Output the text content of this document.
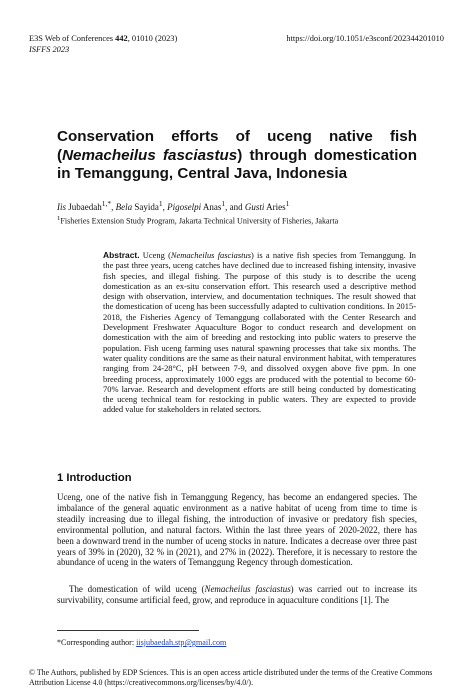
E3S Web of Conferences 442, 01010 (2023)
ISFFS 2023
https://doi.org/10.1051/e3sconf/202344201010
Conservation efforts of uceng native fish (Nemacheilus fasciastus) through domestication in Temanggung, Central Java, Indonesia
Iis Jubaedah$^{1,*}$, Bela Sayida$^1$, Pigoselpi Anas$^1$, and Gusti Aries$^1$
$^1$Fisheries Extension Study Program, Jakarta Technical University of Fisheries, Jakarta
Abstract. Uceng (Nemacheilus fasciastus) is a native fish species from Temanggung. In the past three years, uceng catches have declined due to increased fishing intensity, invasive fish species, and illegal fishing. The purpose of this study is to describe the uceng domestication as an ex-situ conservation effort. This research used a descriptive method design with observation, interview, and documentation techniques. The result showed that the domestication of uceng has been successfully adapted to cultivation conditions. In 2015-2018, the Fisheries Agency of Temanggung collaborated with the Center Research and Development Freshwater Aquaculture Bogor to conduct research and development on domestication with the aim of breeding and restocking into public waters to preserve the population. Fish uceng farming uses natural spawning processes that take six months. The water quality conditions are the same as their natural environment habitat, with temperatures ranging from 24-28°C, pH between 7-9, and dissolved oxygen above five ppm. In one breeding process, approximately 1000 eggs are produced with the potential to become 60-70% larvae. Research and development efforts are still being conducted by domesticating the uceng technical team for restocking in public waters. They are expected to provide added value for stakeholders in related sectors.
1 Introduction
Uceng, one of the native fish in Temanggung Regency, has become an endangered species. The imbalance of the general aquatic environment as a native habitat of uceng from time to time is steadily increasing due to illegal fishing, the introduction of invasive or predatory fish species, environmental pollution, and natural factors. Within the last three years of 2020-2022, there has been a downward trend in the number of uceng stocks in nature. Indicates a decrease over three past years of 39% in (2020), 32 % in (2021), and 27% in (2022). Therefore, it is necessary to restore the abundance of uceng in the waters of Temanggung Regency through domestication.
The domestication of wild uceng (Nemacheilus fasciastus) was carried out to increase its survivability, consume artificial feed, grow, and reproduce in aquaculture conditions [1]. The
*Corresponding author: iisjubaedah.stp@gmail.com
© The Authors, published by EDP Sciences. This is an open access article distributed under the terms of the Creative Commons Attribution License 4.0 (https://creativecommons.org/licenses/by/4.0/).
